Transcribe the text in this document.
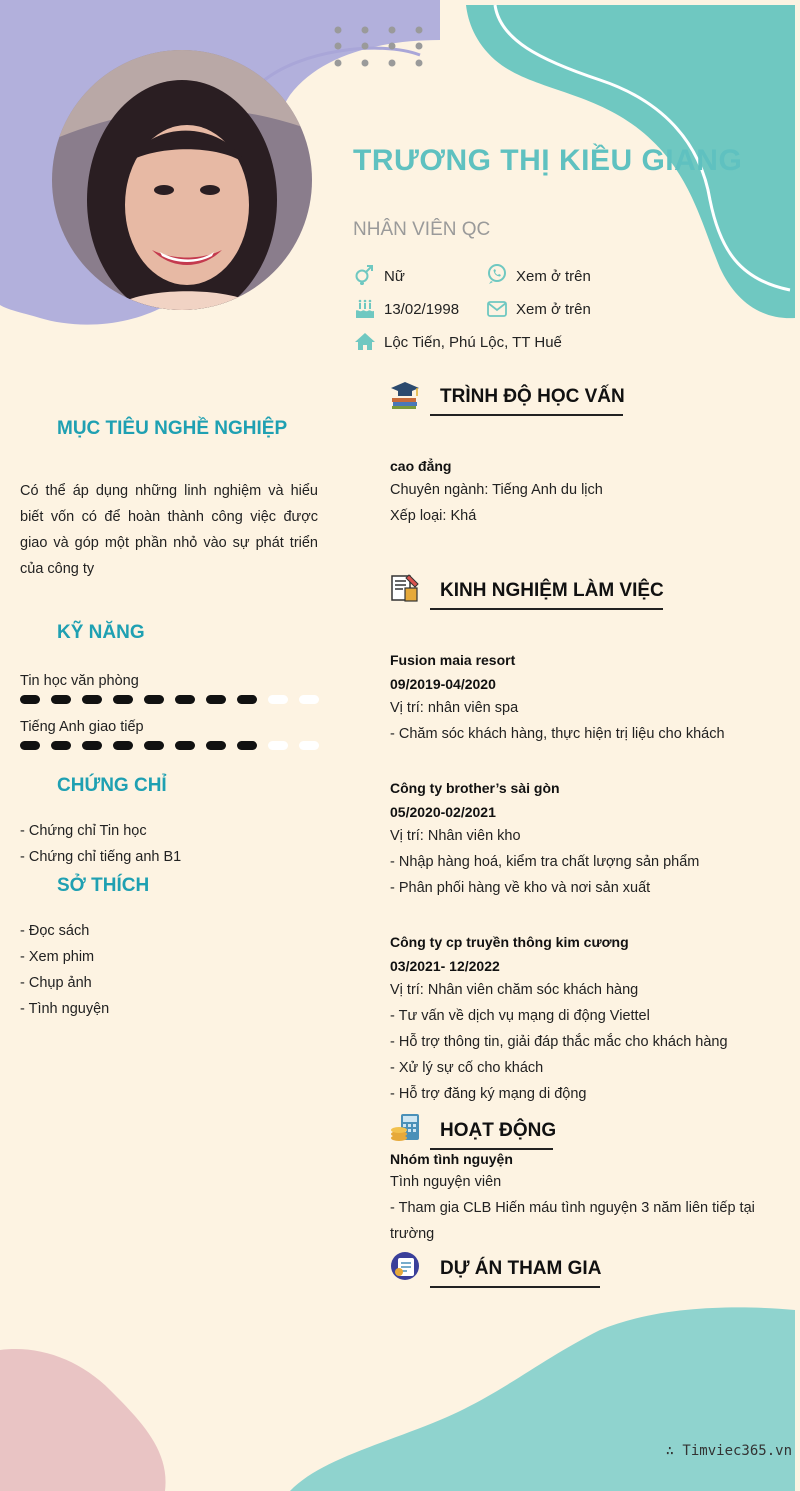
TRƯƠNG THỊ KIỀU GIANG
NHÂN VIÊN QC
Nữ	Xem ở trên
13/02/1998	Xem ở trên
Lộc Tiến, Phú Lộc, TT Huế
MỤC TIÊU NGHỀ NGHIỆP
Có thể áp dụng những linh nghiệm và hiểu biết vốn có để hoàn thành công việc được giao và góp một phần nhỏ vào sự phát triển của công ty
KỸ NĂNG
Tin học văn phòng
Tiếng Anh giao tiếp
CHỨNG CHỈ
- Chứng chỉ Tin học
- Chứng chỉ tiếng anh B1
SỞ THÍCH
- Đọc sách
- Xem phim
- Chụp ảnh
- Tình nguyện
TRÌNH ĐỘ HỌC VẤN
cao đẳng
Chuyên ngành: Tiếng Anh du lịch
Xếp loại: Khá
KINH NGHIỆM LÀM VIỆC
Fusion maia resort
09/2019-04/2020
Vị trí: nhân viên spa
- Chăm sóc khách hàng, thực hiện trị liệu cho khách
Công ty brother’s sài gòn
05/2020-02/2021
Vị trí: Nhân viên kho
- Nhập hàng hoá, kiểm tra chất lượng sản phẩm
- Phân phối hàng về kho và nơi sản xuất
Công ty cp truyền thông kim cương
03/2021- 12/2022
Vị trí: Nhân viên chăm sóc khách hàng
- Tư vấn về dịch vụ mạng di động Viettel
- Hỗ trợ thông tin, giải đáp thắc mắc cho khách hàng
- Xử lý sự cố cho khách
- Hỗ trợ đăng ký mạng di động
HOẠT ĐỘNG
Nhóm tình nguyện
Tình nguyện viên
- Tham gia CLB Hiến máu tình nguyện 3 năm liên tiếp tại
trường
DỰ ÁN THAM GIA
∴ Timviec365.vn
